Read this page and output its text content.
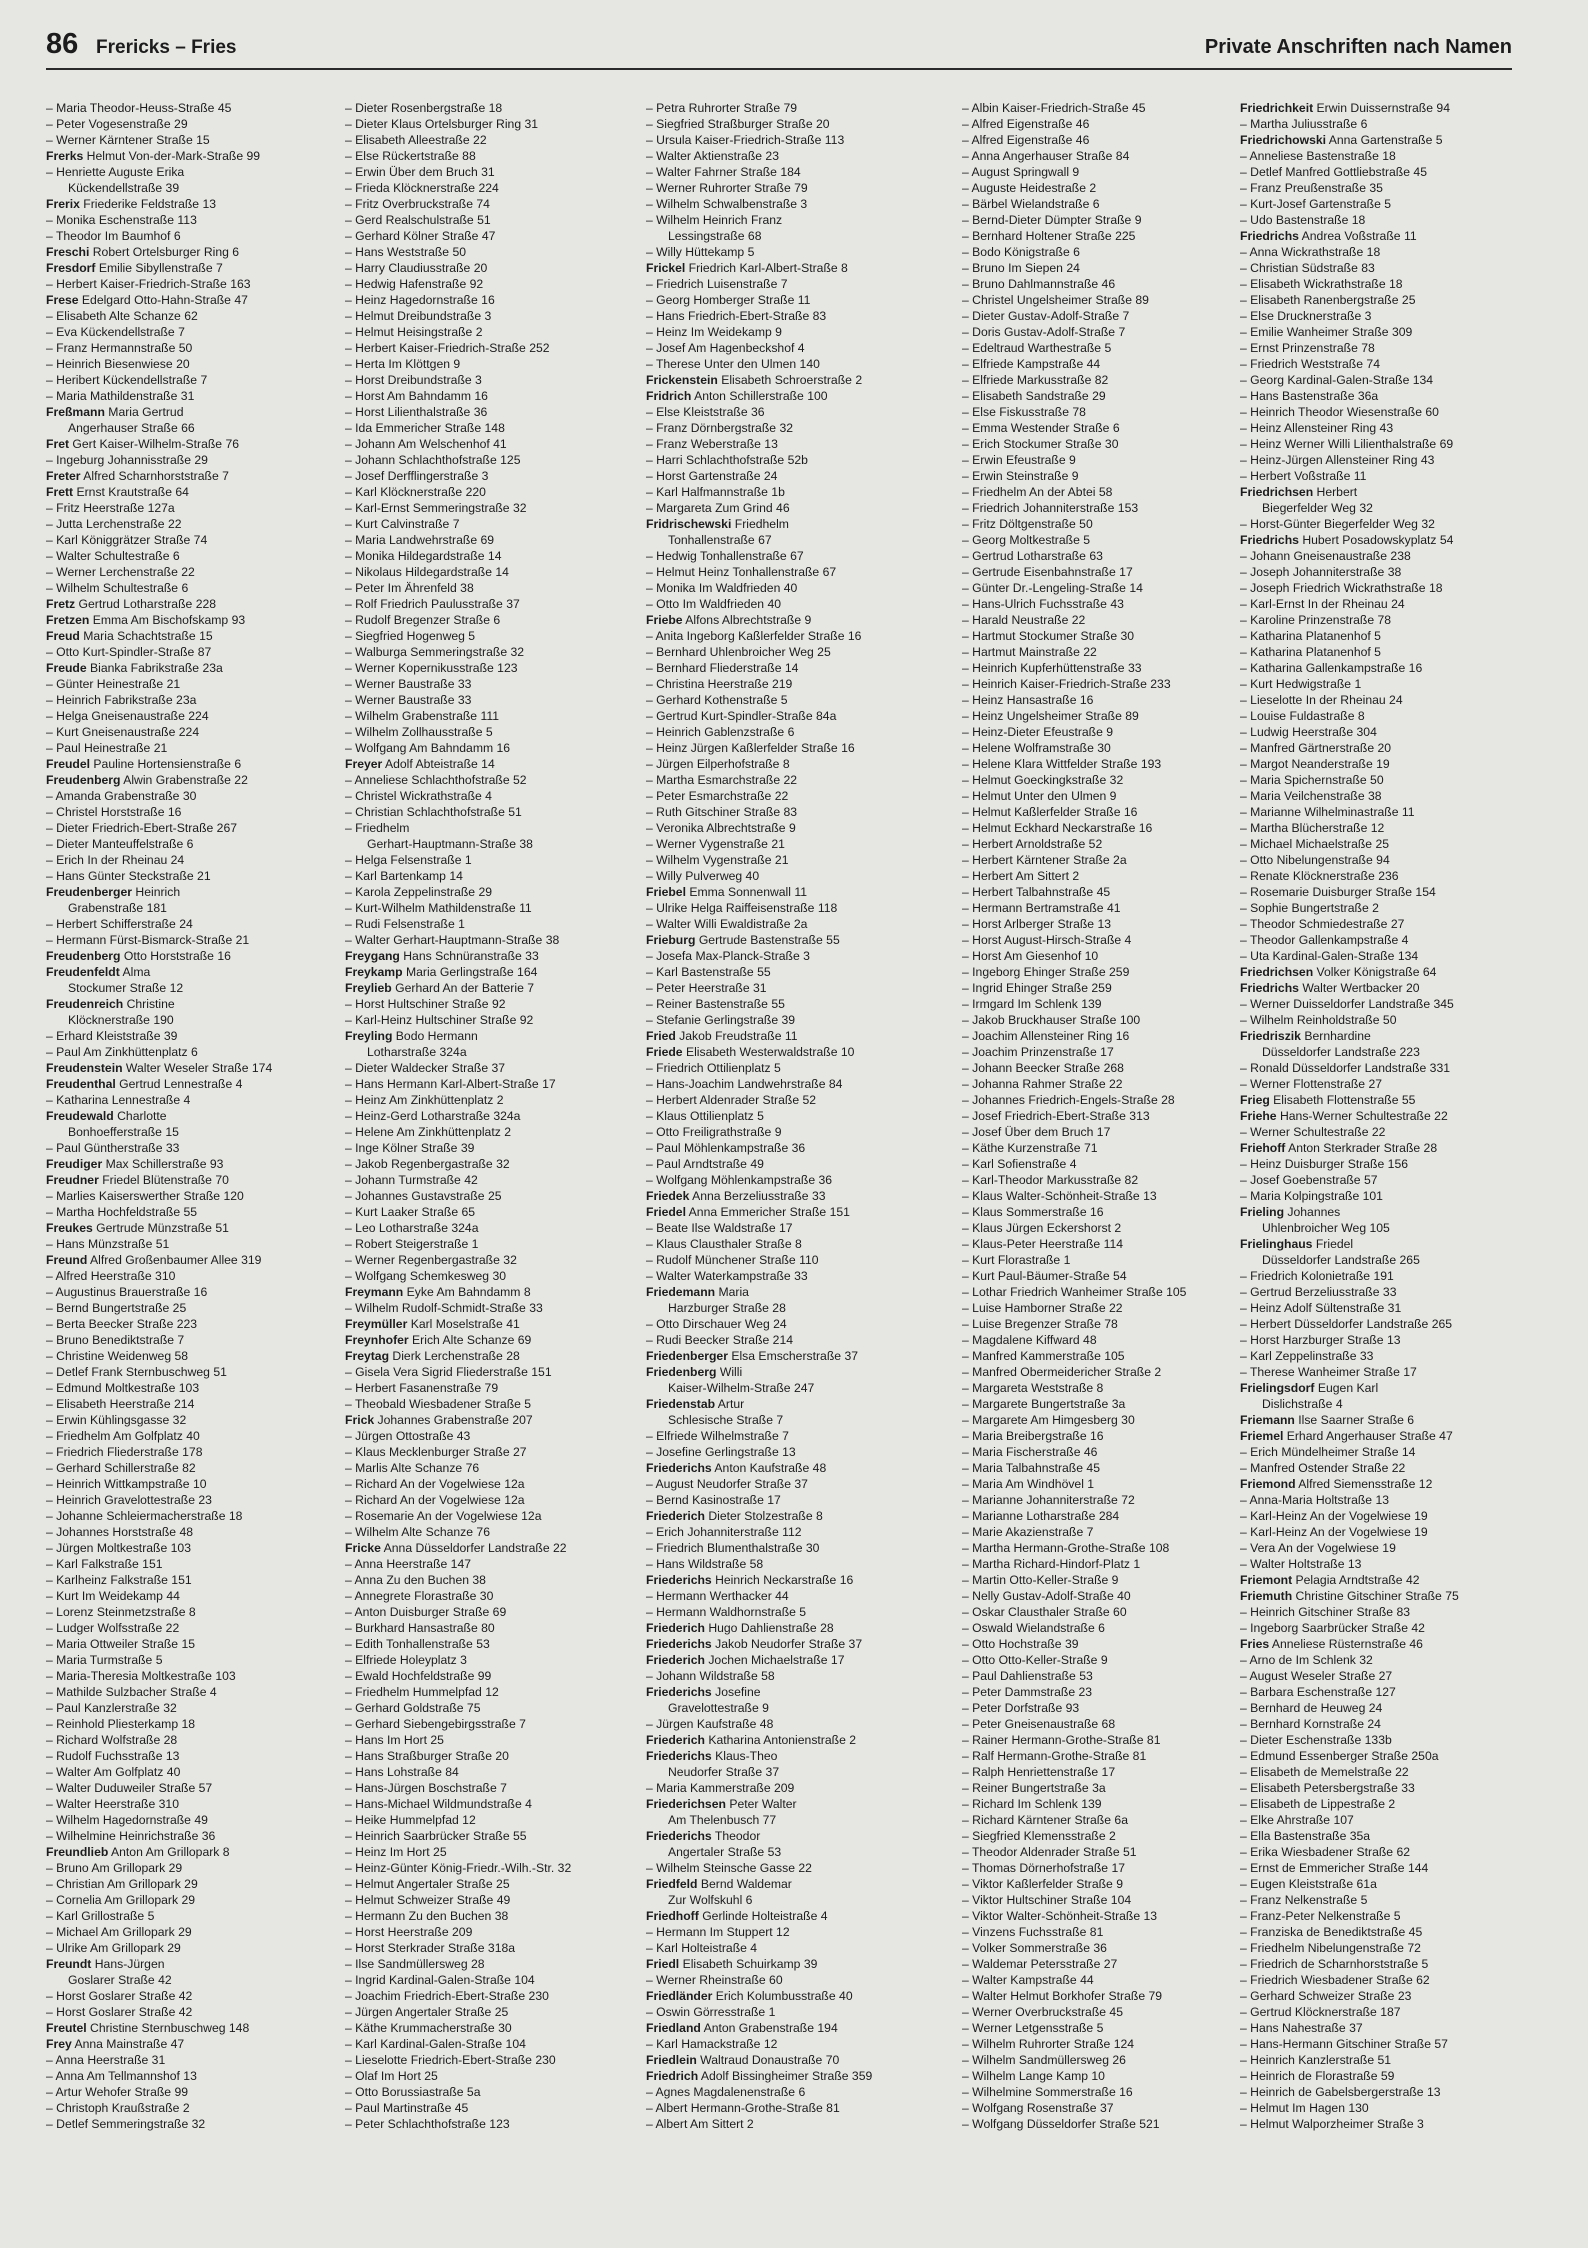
86 Frericks – Fries	Private Anschriften nach Namen
– Maria Theodor-Heuss-Straße 45
– Peter Vogesenstraße 29
– Werner Kärntener Straße 15
Frerks Helmut Von-der-Mark-Straße 99
– Henriette Auguste Erika
Kückendellstraße 39
Frerix Friederike Feldstraße 13
– Monika Eschenstraße 113
– Theodor Im Baumhof 6
Freschi Robert Ortelsburger Ring 6
Fresdorf Emilie Sibyllenstraße 7
– Herbert Kaiser-Friedrich-Straße 163
Frese Edelgard Otto-Hahn-Straße 47
– Elisabeth Alte Schanze 62
– Eva Kückendellstraße 7
– Franz Hermannstraße 50
– Heinrich Biesenwiese 20
– Heribert Kückendellstraße 7
– Maria Mathildenstraße 31
Freßmann Maria Gertrud
Angerhauser Straße 66
Fret Gert Kaiser-Wilhelm-Straße 76
– Ingeburg Johannisstraße 29
Freter Alfred Scharnhorststraße 7
Frett Ernst Krautstraße 64
– Fritz Heerstraße 127a
– Jutta Lerchenstraße 22
– Karl Königgrätzer Straße 74
– Walter Schultestraße 6
– Werner Lerchenstraße 22
– Wilhelm Schultestraße 6
Fretz Gertrud Lotharstraße 228
Fretzen Emma Am Bischofskamp 93
Freud Maria Schachtstraße 15
– Otto Kurt-Spindler-Straße 87
Freude Bianka Fabrikstraße 23a
– Günter Heinestraße 21
– Heinrich Fabrikstraße 23a
– Helga Gneisenaustraße 224
– Kurt Gneisenaustraße 224
– Paul Heinestraße 21
Freudel Pauline Hortensienstraße 6
Freudenberg Alwin Grabenstraße 22
– Amanda Grabenstraße 30
– Christel Horststraße 16
– Dieter Friedrich-Ebert-Straße 267
– Dieter Manteuffelstraße 6
– Erich In der Rheinau 24
– Hans Günter Steckstraße 21
Freudenberger Heinrich
Grabenstraße 181
– Herbert Schifferstraße 24
– Hermann Fürst-Bismarck-Straße 21
Freudenberg Otto Horststraße 16
Freudenfeldt Alma
Stockumer Straße 12
Freudenreich Christine
Klöcknerstraße 190
– Erhard Kleiststraße 39
– Paul Am Zinkhüttenplatz 6
Freudenstein Walter Weseler Straße 174
Freudenthal Gertrud Lennestraße 4
– Katharina Lennestraße 4
Freudewald Charlotte
Bonhoefferstraße 15
– Paul Güntherstraße 33
Freudiger Max Schillerstraße 93
Freudner Friedel Blütenstraße 70
– Marlies Kaiserswerther Straße 120
– Martha Hochfeldstraße 55
Freukes Gertrude Münzstraße 51
– Hans Münzstraße 51
Freund Alfred Großenbaumer Allee 319
– Alfred Heerstraße 310
– Augustinus Brauerstraße 16
– Bernd Bungertstraße 25
– Berta Beecker Straße 223
– Bruno Benediktstraße 7
– Christine Weidenweg 58
– Detlef Frank Sternbuschweg 51
– Edmund Moltkestraße 103
– Elisabeth Heerstraße 214
– Erwin Kühlingsgasse 32
– Friedhelm Am Golfplatz 40
– Friedrich Fliederstraße 178
– Gerhard Schillerstraße 82
– Heinrich Wittkampstraße 10
– Heinrich Gravelottestraße 23
– Johanne Schleiermacherstraße 18
– Johannes Horststraße 48
– Jürgen Moltkestraße 103
– Karl Falkstraße 151
– Karlheinz Falkstraße 151
– Kurt Im Weidekamp 44
– Lorenz Steinmetzstraße 8
– Ludger Wolfsstraße 22
– Maria Ottweiler Straße 15
– Maria Turmstraße 5
– Maria-Theresia Moltkestraße 103
– Mathilde Sulzbacher Straße 4
– Paul Kanzlerstraße 32
– Reinhold Pliesterkamp 18
– Richard Wolfstraße 28
– Rudolf Fuchsstraße 13
– Walter Am Golfplatz 40
– Walter Duduweiler Straße 57
– Walter Heerstraße 310
– Wilhelm Hagedornstraße 49
– Wilhelmine Heinrichstraße 36
Freundlieb Anton Am Grillopark 8
– Bruno Am Grillopark 29
– Christian Am Grillopark 29
– Cornelia Am Grillopark 29
– Karl Grillostraße 5
– Michael Am Grillopark 29
– Ulrike Am Grillopark 29
Freundt Hans-Jürgen
Goslarer Straße 42
– Horst Goslarer Straße 42
– Horst Goslarer Straße 42
Freutel Christine Sternbuschweg 148
Frey Anna Mainstraße 47
– Anna Heerstraße 31
– Anna Am Tellmannshof 13
– Artur Wehofer Straße 99
– Christoph Kraußstraße 2
– Detlef Semmeringstraße 32
– Dieter Rosenbergstraße 18
– Dieter Klaus Ortelsburger Ring 31
– Elisabeth Alleestraße 22
– Else Rückertstraße 88
– Erwin Über dem Bruch 31
– Frieda Klöcknerstraße 224
– Fritz Overbruckstraße 74
– Gerd Realschulstraße 51
– Gerhard Kölner Straße 47
– Hans Weststraße 50
– Harry Claudiusstraße 20
– Hedwig Hafenstraße 92
– Heinz Hagedornstraße 16
– Helmut Dreibundstraße 3
– Helmut Heisingstraße 2
– Herbert Kaiser-Friedrich-Straße 252
– Herta Im Klöttgen 9
– Horst Dreibundstraße 3
– Horst Am Bahndamm 16
– Horst Lilienthalstraße 36
– Ida Emmericher Straße 148
– Johann Am Welschenhof 41
– Johann Schlachthofstraße 125
– Josef Derfflingerstraße 3
– Karl Klöcknerstraße 220
– Karl-Ernst Semmeringstraße 32
– Kurt Calvinstraße 7
– Maria Landwehrstraße 69
– Monika Hildegardstraße 14
– Nikolaus Hildegardstraße 14
– Peter Im Ährenfeld 38
– Rolf Friedrich Paulusstraße 37
– Rudolf Bregenzer Straße 6
– Siegfried Hogenweg 5
– Walburga Semmeringstraße 32
– Werner Kopernikusstraße 123
– Werner Baustraße 33
– Werner Baustraße 33
– Wilhelm Grabenstraße 111
– Wilhelm Zollhausstraße 5
– Wolfgang Am Bahndamm 16
Freyer Adolf Abteistraße 14
– Anneliese Schlachthofstraße 52
– Christel Wickrathstraße 4
– Christian Schlachthofstraße 51
– Friedhelm
Gerhart-Hauptmann-Straße 38
– Helga Felsenstraße 1
– Karl Bartenkamp 14
– Karola Zeppelinstraße 29
– Kurt-Wilhelm Mathildenstraße 11
– Rudi Felsenstraße 1
– Walter Gerhart-Hauptmann-Straße 38
Freygang Hans Schnüranstraße 33
Freykamp Maria Gerlingstraße 164
Freylieb Gerhard An der Batterie 7
– Horst Hultschiner Straße 92
– Karl-Heinz Hultschiner Straße 92
Freyling Bodo Hermann
Lotharstraße 324a
– Dieter Waldecker Straße 37
– Hans Hermann Karl-Albert-Straße 17
– Heinz Am Zinkhüttenplatz 2
– Heinz-Gerd Lotharstraße 324a
– Helene Am Zinkhüttenplatz 2
– Inge Kölner Straße 39
– Jakob Regenbergastraße 32
– Johann Turmstraße 42
– Johannes Gustavstraße 25
– Kurt Laaker Straße 65
– Leo Lotharstraße 324a
– Robert Steigerstraße 1
– Werner Regenbergastraße 32
– Wolfgang Schemkesweg 30
Freymann Eyke Am Bahndamm 8
– Wilhelm Rudolf-Schmidt-Straße 33
Freymüller Karl Moselstraße 41
Freynhofer Erich Alte Schanze 69
Freytag Dierk Lerchenstraße 28
– Gisela Vera Sigrid Fliederstraße 151
– Herbert Fasanenstraße 79
– Theobald Wiesbadener Straße 5
Frick Johannes Grabenstraße 207
– Jürgen Ottostraße 43
– Klaus Mecklenburger Straße 27
– Marlis Alte Schanze 76
– Richard An der Vogelwiese 12a
– Richard An der Vogelwiese 12a
– Rosemarie An der Vogelwiese 12a
– Wilhelm Alte Schanze 76
Fricke Anna Düsseldorfer Landstraße 22
– Anna Heerstraße 147
– Anna Zu den Buchen 38
– Annegrete Florastraße 30
– Anton Duisburger Straße 69
– Burkhard Hansastraße 80
– Edith Tonhallenstraße 53
– Elfriede Holeyplatz 3
– Ewald Hochfeldstraße 99
– Friedhelm Hummelpfad 12
– Gerhard Goldstraße 75
– Gerhard Siebengebirgsstraße 7
– Hans Im Hort 25
– Hans Straßburger Straße 20
– Hans Lohstraße 84
– Hans-Jürgen Boschstraße 7
– Hans-Michael Wildmundstraße 4
– Heike Hummelpfad 12
– Heinrich Saarbrücker Straße 55
– Heinz Im Hort 25
– Heinz-Günter König-Friedr.-Wilh.-Str. 32
– Helmut Angertaler Straße 25
– Helmut Schweizer Straße 49
– Hermann Zu den Buchen 38
– Horst Heerstraße 209
– Horst Sterkrader Straße 318a
– Ilse Sandmüllersweg 28
– Ingrid Kardinal-Galen-Straße 104
– Joachim Friedrich-Ebert-Straße 230
– Jürgen Angertaler Straße 25
– Käthe Krummacherstraße 30
– Karl Kardinal-Galen-Straße 104
– Lieselotte Friedrich-Ebert-Straße 230
– Olaf Im Hort 25
– Otto Borussiastraße 5a
– Paul Martinstraße 45
– Peter Schlachthofstraße 123
– Petra Ruhrorter Straße 79
– Siegfried Straßburger Straße 20
– Ursula Kaiser-Friedrich-Straße 113
– Walter Aktienstraße 23
– Walter Fahrner Straße 184
– Werner Ruhrorter Straße 79
– Wilhelm Schwalbenstraße 3
– Wilhelm Heinrich Franz
Lessingstraße 68
– Willy Hüttekamp 5
Frickel Friedrich Karl-Albert-Straße 8
– Friedrich Luisenstraße 7
– Georg Homberger Straße 11
– Hans Friedrich-Ebert-Straße 83
– Heinz Im Weidekamp 9
– Josef Am Hagenbeckshof 4
– Therese Unter den Ulmen 140
Frickenstein Elisabeth Schroerstraße 2
Fridrich Anton Schillerstraße 100
– Else Kleiststraße 36
– Franz Dörnbergstraße 32
– Franz Weberstraße 13
– Harri Schlachthofstraße 52b
– Horst Gartenstraße 24
– Karl Halfmannstraße 1b
– Margareta Zum Grind 46
Fridrischewski Friedhelm
Tonhallenstraße 67
– Hedwig Tonhallenstraße 67
– Helmut Heinz Tonhallenstraße 67
– Monika Im Waldfrieden 40
– Otto Im Waldfrieden 40
Friebe Alfons Albrechtstraße 9
– Anita Ingeborg Kaßlerfelder Straße 16
– Bernhard Uhlenbroicher Weg 25
– Bernhard Fliederstraße 14
– Christina Heerstraße 219
– Gerhard Kothenstraße 5
– Gertrud Kurt-Spindler-Straße 84a
– Heinrich Gablenzstraße 6
– Heinz Jürgen Kaßlerfelder Straße 16
– Jürgen Eilperhofstraße 8
– Martha Esmarchstraße 22
– Peter Esmarchstraße 22
– Ruth Gitschiner Straße 83
– Veronika Albrechtstraße 9
– Werner Vygenstraße 21
– Wilhelm Vygenstraße 21
– Willy Pulverweg 40
Friebel Emma Sonnenwall 11
– Ulrike Helga Raiffeisenstraße 118
– Walter Willi Ewaldistraße 2a
Frieburg Gertrude Bastenstraße 55
– Josefa Max-Planck-Straße 3
– Karl Bastenstraße 55
– Peter Heerstraße 31
– Reiner Bastenstraße 55
– Stefanie Gerlingstraße 39
Fried Jakob Freudstraße 11
Friede Elisabeth Westerwaldstraße 10
– Friedrich Ottilienplatz 5
– Hans-Joachim Landwehrstraße 84
– Herbert Aldenrader Straße 52
– Klaus Ottilienplatz 5
– Otto Freiligrathstraße 9
– Paul Möhlenkampstraße 36
– Paul Arndtstraße 49
– Wolfgang Möhlenkampstraße 36
Friedek Anna Berzeliusstraße 33
Friedel Anna Emmericher Straße 151
– Beate Ilse Waldstraße 17
– Klaus Clausthaler Straße 8
– Rudolf Münchener Straße 110
– Walter Waterkampstraße 33
Friedemann Maria
Harzburger Straße 28
– Otto Dirschauer Weg 24
– Rudi Beecker Straße 214
Friedenberger Elsa Emscherstraße 37
Friedenberg Willi
Kaiser-Wilhelm-Straße 247
Friedenstab Artur
Schlesische Straße 7
– Elfriede Wilhelmstraße 7
– Josefine Gerlingstraße 13
Friederichs Anton Kaufstraße 48
– August Neudorfer Straße 37
– Bernd Kasinostraße 17
Friederich Dieter Stolzestraße 8
– Erich Johanniterstraße 112
– Friedrich Blumenthalstraße 30
– Hans Wildstraße 58
Friederichs Heinrich Neckarstraße 16
– Hermann Werthacker 44
– Hermann Waldhornstraße 5
Friederich Hugo Dahlienstraße 28
Friederichs Jakob Neudorfer Straße 37
Friederich Jochen Michaelstraße 17
– Johann Wildstraße 58
Friederichs Josefine
Gravelottestraße 9
– Jürgen Kaufstraße 48
Friederich Katharina Antonienstraße 2
Friederichs Klaus-Theo
Neudorfer Straße 37
– Maria Kammerstraße 209
Friederichsen Peter Walter
Am Thelenbusch 77
Friederichs Theodor
Angertaler Straße 53
– Wilhelm Steinsche Gasse 22
Friedfeld Bernd Waldemar
Zur Wolfskuhl 6
Friedhoff Gerlinde Holteistraße 4
– Hermann Im Stuppert 12
– Karl Holteistraße 4
Friedl Elisabeth Schuirkamp 39
– Werner Rheinstraße 60
Friedländer Erich Kolumbusstraße 40
– Oswin Görresstraße 1
Friedland Anton Grabenstraße 194
– Karl Hamackstraße 12
Friedlein Waltraud Donaustraße 70
Friedrich Adolf Bissingheimer Straße 359
– Agnes Magdalenenstraße 6
– Albert Hermann-Grothe-Straße 81
– Albert Am Sittert 2
– Albin Kaiser-Friedrich-Straße 45
– Alfred Eigenstraße 46
– Alfred Eigenstraße 46
– Anna Angerhauser Straße 84
– August Springwall 9
– Auguste Heidestraße 2
– Bärbel Wielandstraße 6
– Bernd-Dieter Dümpter Straße 9
– Bernhard Holtener Straße 225
– Bodo Königstraße 6
– Bruno Im Siepen 24
– Bruno Dahlmannstraße 46
– Christel Ungelsheimer Straße 89
– Dieter Gustav-Adolf-Straße 7
– Doris Gustav-Adolf-Straße 7
– Edeltraud Warthestraße 5
– Elfriede Kampstraße 44
– Elfriede Markusstraße 82
– Elisabeth Sandstraße 29
– Else Fiskusstraße 78
– Emma Westender Straße 6
– Erich Stockumer Straße 30
– Erwin Efeustraße 9
– Erwin Steinstraße 9
– Friedhelm An der Abtei 58
– Friedrich Johanniterstraße 153
– Fritz Döltgenstraße 50
– Georg Moltkestraße 5
– Gertrud Lotharstraße 63
– Gertrude Eisenbahnstraße 17
– Günter Dr.-Lengeling-Straße 14
– Hans-Ulrich Fuchsstraße 43
– Harald Neustraße 22
– Hartmut Stockumer Straße 30
– Hartmut Mainstraße 22
– Heinrich Kupferhüttenstraße 33
– Heinrich Kaiser-Friedrich-Straße 233
– Heinz Hansastraße 16
– Heinz Ungelsheimer Straße 89
– Heinz-Dieter Efeustraße 9
– Helene Wolframstraße 30
– Helene Klara Wittfelder Straße 193
– Helmut Goeckingkstraße 32
– Helmut Unter den Ulmen 9
– Helmut Kaßlerfelder Straße 16
– Helmut Eckhard Neckarstraße 16
– Herbert Arnoldstraße 52
– Herbert Kärntener Straße 2a
– Herbert Am Sittert 2
– Herbert Talbahnstraße 45
– Hermann Bertramstraße 41
– Horst Arlberger Straße 13
– Horst August-Hirsch-Straße 4
– Horst Am Giesenhof 10
– Ingeborg Ehinger Straße 259
– Ingrid Ehinger Straße 259
– Irmgard Im Schlenk 139
– Jakob Bruckhauser Straße 100
– Joachim Allensteiner Ring 16
– Joachim Prinzenstraße 17
– Johann Beecker Straße 268
– Johanna Rahmer Straße 22
– Johannes Friedrich-Engels-Straße 28
– Josef Friedrich-Ebert-Straße 313
– Josef Über dem Bruch 17
– Käthe Kurzenstraße 71
– Karl Sofienstraße 4
– Karl-Theodor Markusstraße 82
– Klaus Walter-Schönheit-Straße 13
– Klaus Sommerstraße 16
– Klaus Jürgen Eckershorst 2
– Klaus-Peter Heerstraße 114
– Kurt Florastraße 1
– Kurt Paul-Bäumer-Straße 54
– Lothar Friedrich Wanheimer Straße 105
– Luise Hamborner Straße 22
– Luise Bregenzer Straße 78
– Magdalene Kiffward 48
– Manfred Kammerstraße 105
– Manfred Obermeidericher Straße 2
– Margareta Weststraße 8
– Margarete Bungertstraße 3a
– Margarete Am Himgesberg 30
– Maria Breibergstraße 16
– Maria Fischerstraße 46
– Maria Talbahnstraße 45
– Maria Am Windhövel 1
– Marianne Johanniterstraße 72
– Marianne Lotharstraße 284
– Marie Akazienstraße 7
– Martha Hermann-Grothe-Straße 108
– Martha Richard-Hindorf-Platz 1
– Martin Otto-Keller-Straße 9
– Nelly Gustav-Adolf-Straße 40
– Oskar Clausthaler Straße 60
– Oswald Wielandstraße 6
– Otto Hochstraße 39
– Otto Otto-Keller-Straße 9
– Paul Dahlienstraße 53
– Peter Dammstraße 23
– Peter Dorfstraße 93
– Peter Gneisenaustraße 68
– Rainer Hermann-Grothe-Straße 81
– Ralf Hermann-Grothe-Straße 81
– Ralph Henriettenstraße 17
– Reiner Bungertstraße 3a
– Richard Im Schlenk 139
– Richard Kärntener Straße 6a
– Siegfried Klemensstraße 2
– Theodor Aldenrader Straße 51
– Thomas Dörnerhofstraße 17
– Viktor Kaßlerfelder Straße 9
– Viktor Hultschiner Straße 104
– Viktor Walter-Schönheit-Straße 13
– Vinzens Fuchsstraße 81
– Volker Sommerstraße 36
– Waldemar Petersstraße 27
– Walter Kampstraße 44
– Walter Helmut Borkhofer Straße 79
– Werner Overbruckstraße 45
– Werner Letgensstraße 5
– Wilhelm Ruhrorter Straße 124
– Wilhelm Sandmüllersweg 26
– Wilhelm Lange Kamp 10
– Wilhelmine Sommerstraße 16
– Wolfgang Rosenstraße 37
– Wolfgang Düsseldorfer Straße 521
Friedrichkeit Erwin Duissernstraße 94
– Martha Juliusstraße 6
Friedrichowski Anna Gartenstraße 5
– Anneliese Bastenstraße 18
– Detlef Manfred Gottliebstraße 45
– Franz Preußenstraße 35
– Kurt-Josef Gartenstraße 5
– Udo Bastenstraße 18
Friedrichs Andrea Voßstraße 11
– Anna Wickrathstraße 18
– Christian Südstraße 83
– Elisabeth Wickrathstraße 18
– Elisabeth Ranenbergstraße 25
– Else Drucknerstraße 3
– Emilie Wanheimer Straße 309
– Ernst Prinzenstraße 78
– Friedrich Weststraße 74
– Georg Kardinal-Galen-Straße 134
– Hans Bastenstraße 36a
– Heinrich Theodor Wiesenstraße 60
– Heinz Allensteiner Ring 43
– Heinz Werner Willi Lilienthalstraße 69
– Heinz-Jürgen Allensteiner Ring 43
– Herbert Voßstraße 11
Friedrichsen Herbert
Biegerfelder Weg 32
– Horst-Günter Biegerfelder Weg 32
Friedrichs Hubert Posadowskyplatz 54
– Johann Gneisenaustraße 238
– Joseph Johanniterstraße 38
– Joseph Friedrich Wickrathstraße 18
– Karl-Ernst In der Rheinau 24
– Karoline Prinzenstraße 78
– Katharina Platanenhof 5
– Katharina Platanenhof 5
– Katharina Gallenkampstraße 16
– Kurt Hedwigstraße 1
– Lieselotte In der Rheinau 24
– Louise Fuldastraße 8
– Ludwig Heerstraße 304
– Manfred Gärtnerstraße 20
– Margot Neanderstraße 19
– Maria Spichernstraße 50
– Maria Veilchenstraße 38
– Marianne Wilhelminastraße 11
– Martha Blücherstraße 12
– Michael Michaelstraße 25
– Otto Nibelungenstraße 94
– Renate Klöcknerstraße 236
– Rosemarie Duisburger Straße 154
– Sophie Bungertstraße 2
– Theodor Schmiedestraße 27
– Theodor Gallenkampstraße 4
– Uta Kardinal-Galen-Straße 134
Friedrichsen Volker Königstraße 64
Friedrichs Walter Wertbacker 20
– Werner Duisseldorfer Landstraße 345
– Wilhelm Reinholdstraße 50
Friedriszik Bernhardine
Düsseldorfer Landstraße 223
– Ronald Düsseldorfer Landstraße 331
– Werner Flottenstraße 27
Frieg Elisabeth Flottenstraße 55
Friehe Hans-Werner Schultestraße 22
– Werner Schultestraße 22
Friehoff Anton Sterkrader Straße 28
– Heinz Duisburger Straße 156
– Josef Goebenstraße 57
– Maria Kolpingstraße 101
Frieling Johannes
Uhlenbroicher Weg 105
Frielinghaus Friedel
Düsseldorfer Landstraße 265
– Friedrich Kolonietraße 191
– Gertrud Berzeliusstraße 33
– Heinz Adolf Sültenstraße 31
– Herbert Düsseldorfer Landstraße 265
– Horst Harzburger Straße 13
– Karl Zeppelinstraße 33
– Therese Wanheimer Straße 17
Frielingsdorf Eugen Karl
Dislichstraße 4
Friemann Ilse Saarner Straße 6
Friemel Erhard Angerhauser Straße 47
– Erich Mündelheimer Straße 14
– Manfred Ostender Straße 22
Friemond Alfred Siemensstraße 12
– Anna-Maria Holtstraße 13
– Karl-Heinz An der Vogelwiese 19
– Karl-Heinz An der Vogelwiese 19
– Vera An der Vogelwiese 19
– Walter Holtstraße 13
Friemont Pelagia Arndtstraße 42
Friemuth Christine Gitschiner Straße 75
– Heinrich Gitschiner Straße 83
– Ingeborg Saarbrücker Straße 42
Fries Anneliese Rüsternstraße 46
– Arno de Im Schlenk 32
– August Weseler Straße 27
– Barbara Eschenstraße 127
– Bernhard de Heuweg 24
– Bernhard Kornstraße 24
– Dieter Eschenstraße 133b
– Edmund Essenberger Straße 250a
– Elisabeth de Memelstraße 22
– Elisabeth Petersbergstraße 33
– Elisabeth de Lippestraße 2
– Elke Ahrstraße 107
– Ella Bastenstraße 35a
– Erika Wiesbadener Straße 62
– Ernst de Emmericher Straße 144
– Eugen Kleiststraße 61a
– Franz Nelkenstraße 5
– Franz-Peter Nelkenstraße 5
– Franziska de Benediktstraße 45
– Friedhelm Nibelungenstraße 72
– Friedrich de Scharnhorststraße 5
– Friedrich Wiesbadener Straße 62
– Gerhard Schweizer Straße 23
– Gertrud Klöcknerstraße 187
– Hans Nahestraße 37
– Hans-Hermann Gitschiner Straße 57
– Heinrich Kanzlerstraße 51
– Heinrich de Florastraße 59
– Heinrich de Gabelsbergerstraße 13
– Helmut Im Hagen 130
– Helmut Walporzheimer Straße 3
